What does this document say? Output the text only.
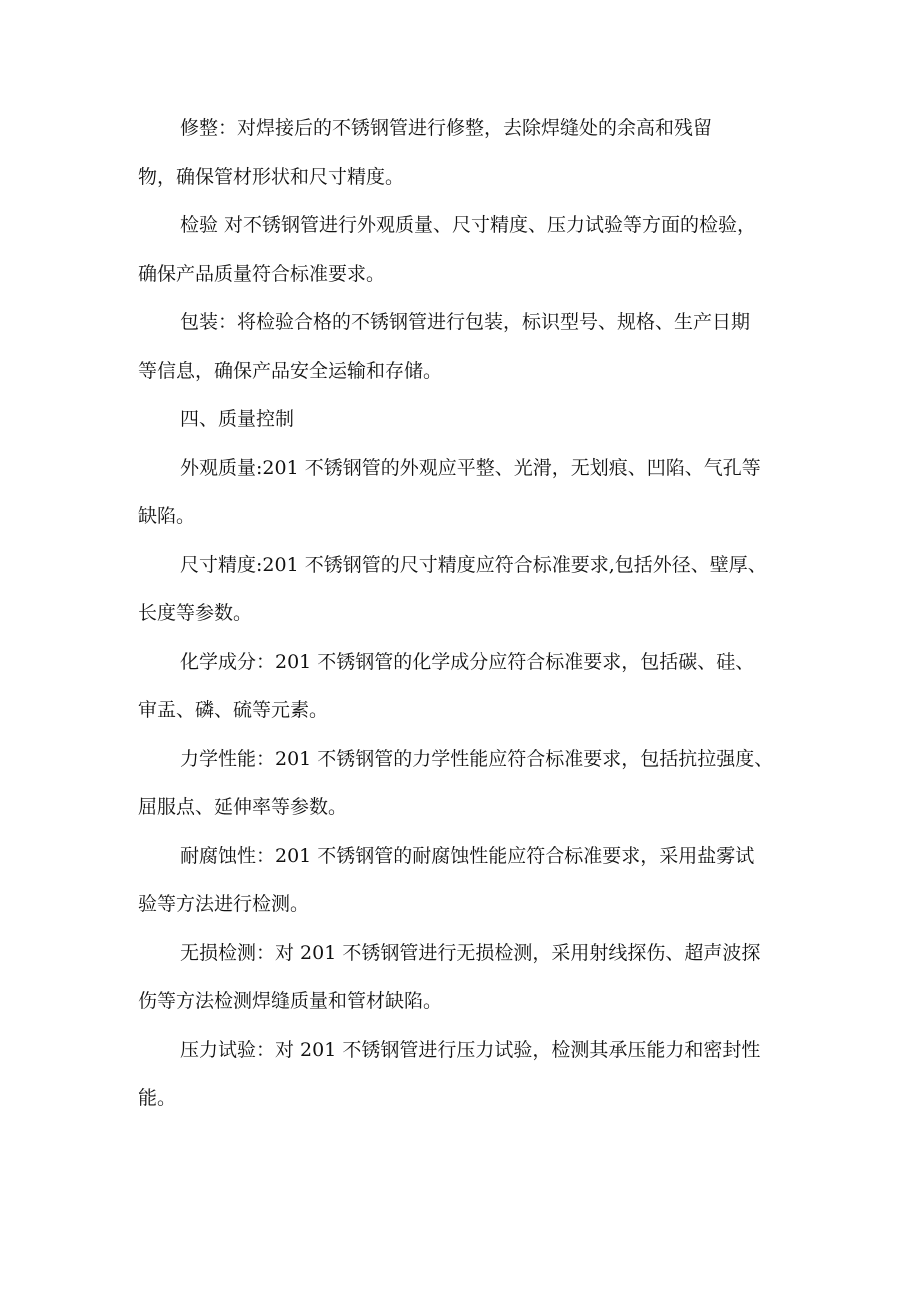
修整：对焊接后的不锈钢管进行修整，去除焊缝处的余高和残留
物，确保管材形状和尺寸精度。
检验 对不锈钢管进行外观质量、尺寸精度、压力试验等方面的检验，
确保产品质量符合标准要求。
包装：将检验合格的不锈钢管进行包装，标识型号、规格、生产日期
等信息，确保产品安全运输和存储。
四、质量控制
外观质量:201 不锈钢管的外观应平整、光滑，无划痕、凹陷、气孔等
缺陷。
尺寸精度:201 不锈钢管的尺寸精度应符合标准要求,包括外径、壁厚、
长度等参数。
化学成分：201 不锈钢管的化学成分应符合标准要求，包括碳、硅、
审盂、磷、硫等元素。
力学性能：201 不锈钢管的力学性能应符合标准要求，包括抗拉强度、
屈服点、延伸率等参数。
耐腐蚀性：201 不锈钢管的耐腐蚀性能应符合标准要求，采用盐雾试
验等方法进行检测。
无损检测：对 201 不锈钢管进行无损检测，采用射线探伤、超声波探
伤等方法检测焊缝质量和管材缺陷。
压力试验：对 201 不锈钢管进行压力试验，检测其承压能力和密封性
能。
